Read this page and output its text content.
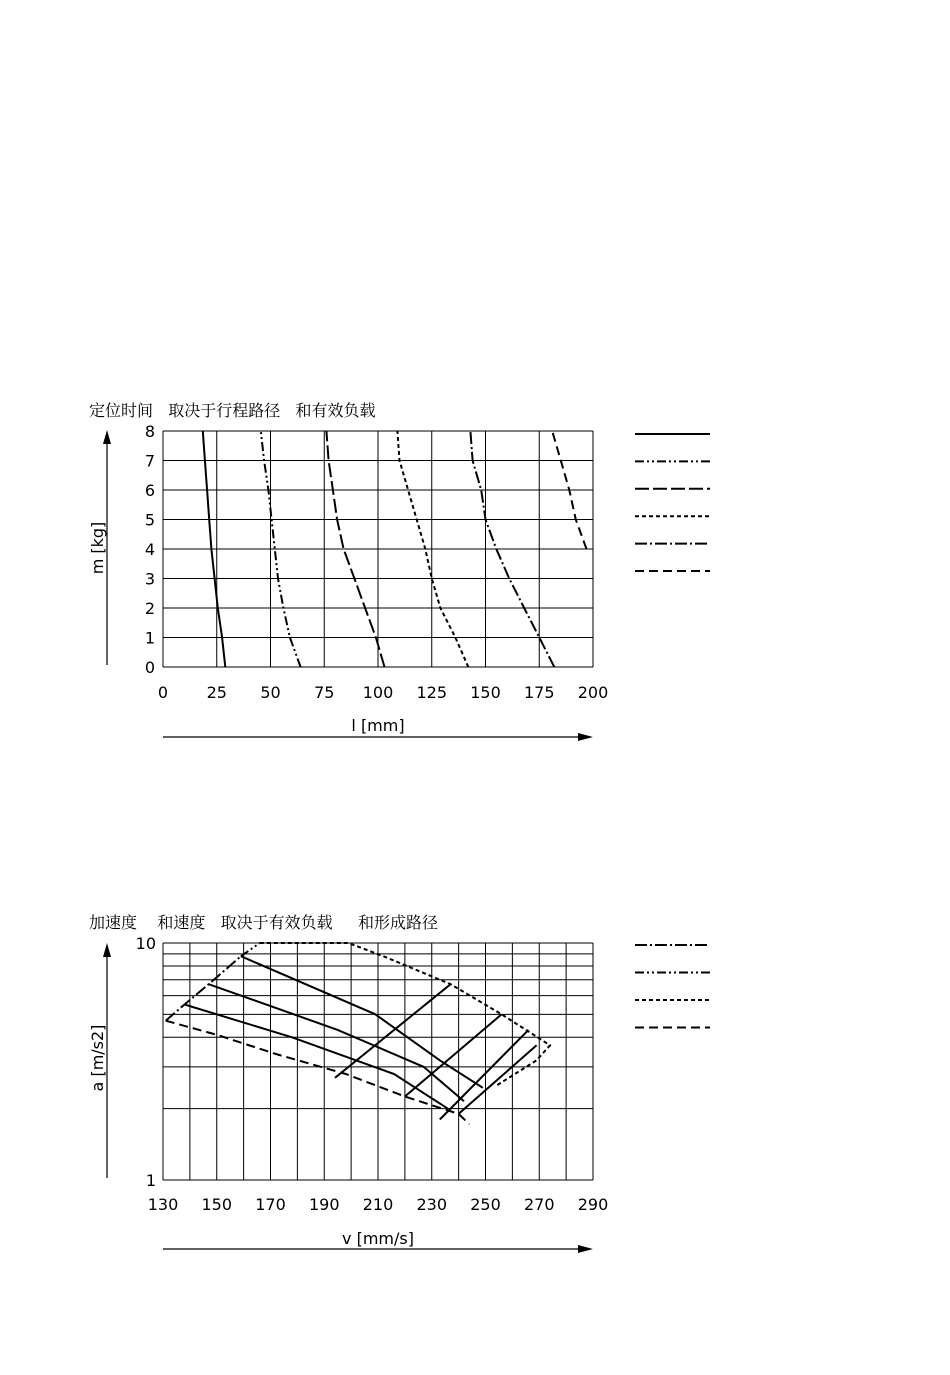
定位时间   取决于行程路径   和有效负载
加速度    和速度   取决于有效负载     和形成路径
0 25 50 75 100 125 150 175 200
0
1
2
3
4
5
6
7
8
l [mm]
m [kg]
130 150 170 190 210 230 250 270 290
1
10
v [mm/s]
a [m/s2]
